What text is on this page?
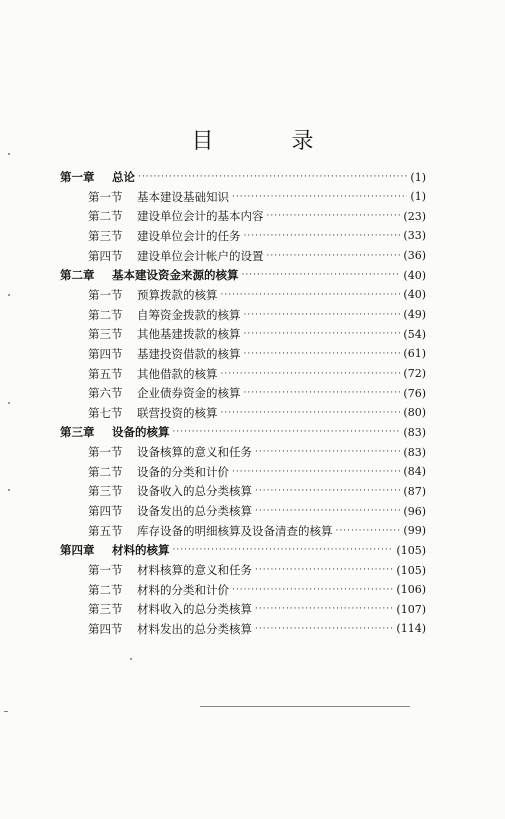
目　录
第一章	总论 ·····	(1)
第一节	基本建设基础知识 ·····	(1)
第二节	建设单位会计的基本内容 ·····	(23)
第三节	建设单位会计的任务 ·····	(33)
第四节	建设单位会计帐户的设置 ·····	(36)
第二章	基本建设资金来源的核算 ·····	(40)
第一节	预算拨款的核算 ·····	(40)
第二节	自筹资金拨款的核算 ·····	(49)
第三节	其他基建拨款的核算 ·····	(54)
第四节	基建投资借款的核算 ·····	(61)
第五节	其他借款的核算 ·····	(72)
第六节	企业债券资金的核算 ·····	(76)
第七节	联营投资的核算 ·····	(80)
第三章	设备的核算 ·····	(83)
第一节	设备核算的意义和任务 ·····	(83)
第二节	设备的分类和计价 ·····	(84)
第三节	设备收入的总分类核算 ·····	(87)
第四节	设备发出的总分类核算 ·····	(96)
第五节	库存设备的明细核算及设备清查的核算 ·····	(99)
第四章	材料的核算 ·····	(105)
第一节	材料核算的意义和任务 ·····	(105)
第二节	材料的分类和计价 ·····	(106)
第三节	材料收入的总分类核算 ·····	(107)
第四节	材料发出的总分类核算 ·····	(114)
